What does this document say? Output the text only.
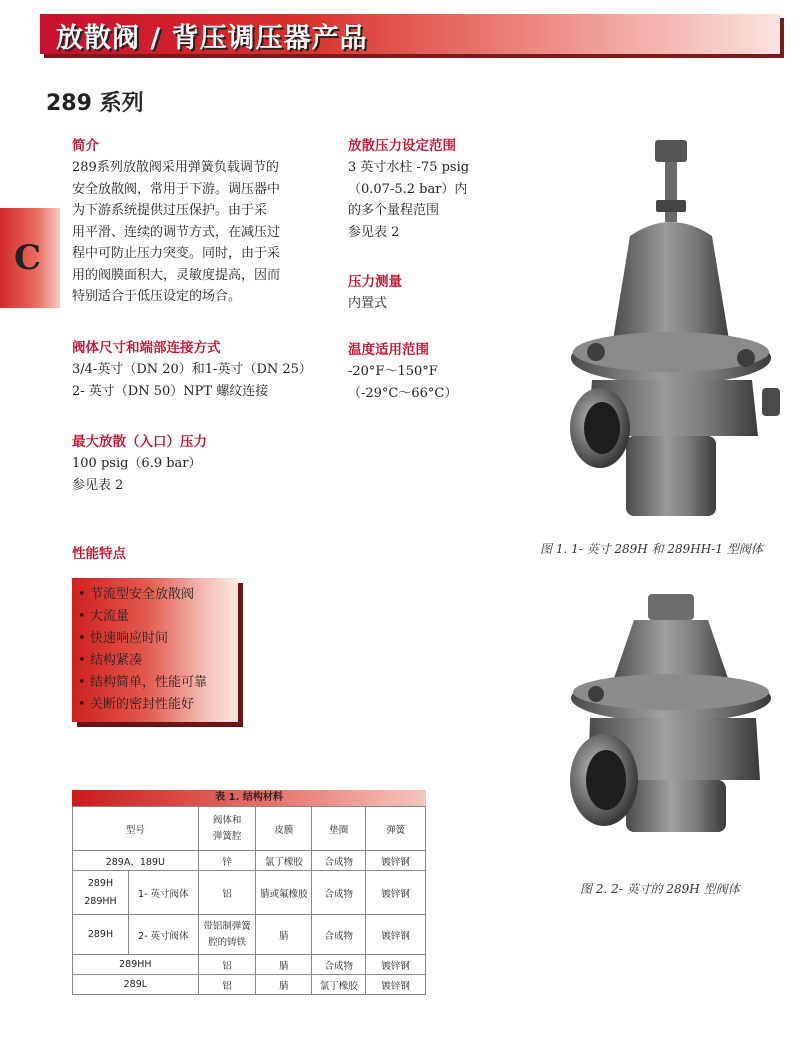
放散阀 / 背压调压器产品
289 系列
C
简介

289系列放散阀采用弹簧负载调节的
安全放散阀，常用于下游。调压器中
为下游系统提供过压保护。由于采
用平滑、连续的调节方式，在减压过
程中可防止压力突变。同时，由于采
用的阀膜面积大，灵敏度提高，因而
特别适合于低压设定的场合。

阀体尺寸和端部连接方式

3/4-英寸（DN 20）和1-英寸（DN 25）
2- 英寸（DN 50）NPT 螺纹连接

最大放散（入口）压力

100 psig（6.9 bar）
参见表 2

放散压力设定范围

3 英寸水柱 -75 psig
（0.07-5.2 bar）内
的多个量程范围
参见表 2

压力测量

内置式

温度适用范围

-20°F～150°F
（-29°C～66°C）

性能特点
• 节流型安全放散阀
• 大流量
• 快速响应时间
• 结构紧凑
• 结构简单，性能可靠
• 关断的密封性能好
图 1. 1- 英寸 289H 和 289HH-1 型阀体
图 2. 2- 英寸的 289H 型阀体
表 1. 结构材料
型号		阀体和
弹簧腔	皮膜	垫圈	弹簧
289A、189U		锌	氯丁橡胶	合成物	镀锌钢
289H
289HH	1- 英寸阀体	铝	腈或氟橡胶	合成物	镀锌钢
289H	2- 英寸阀体	带铝制弹簧
腔的铸铁	腈	合成物	镀锌钢
289HH		铝	腈	合成物	镀锌钢
289L		铝	腈	氯丁橡胶	镀锌钢
